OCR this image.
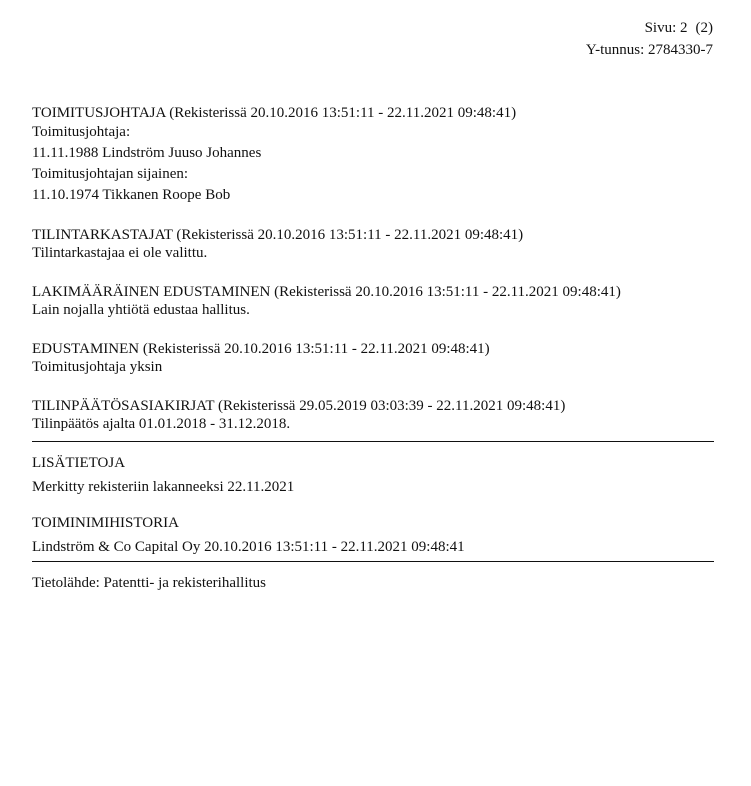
Sivu: 2 (2)
Y-tunnus: 2784330-7
TOIMITUSJOHTAJA (Rekisterissä 20.10.2016 13:51:11 - 22.11.2021 09:48:41)
Toimitusjohtaja:
11.11.1988 Lindström Juuso Johannes
Toimitusjohtajan sijainen:
11.10.1974 Tikkanen Roope Bob
TILINTARKASTAJAT (Rekisterissä 20.10.2016 13:51:11 - 22.11.2021 09:48:41)
Tilintarkastajaa ei ole valittu.
LAKIMÄÄRÄINEN EDUSTAMINEN (Rekisterissä 20.10.2016 13:51:11 - 22.11.2021 09:48:41)
Lain nojalla yhtiötä edustaa hallitus.
EDUSTAMINEN (Rekisterissä 20.10.2016 13:51:11 - 22.11.2021 09:48:41)
Toimitusjohtaja yksin
TILINPÄÄTÖSASIAKIRJAT (Rekisterissä 29.05.2019 03:03:39 - 22.11.2021 09:48:41)
Tilinpäätös ajalta 01.01.2018 - 31.12.2018.
LISÄTIETOJA
Merkitty rekisteriin lakanneeksi 22.11.2021
TOIMINIMIHISTORIA
Lindström & Co Capital Oy 20.10.2016 13:51:11 - 22.11.2021 09:48:41
Tietolähde: Patentti- ja rekisterihallitus
